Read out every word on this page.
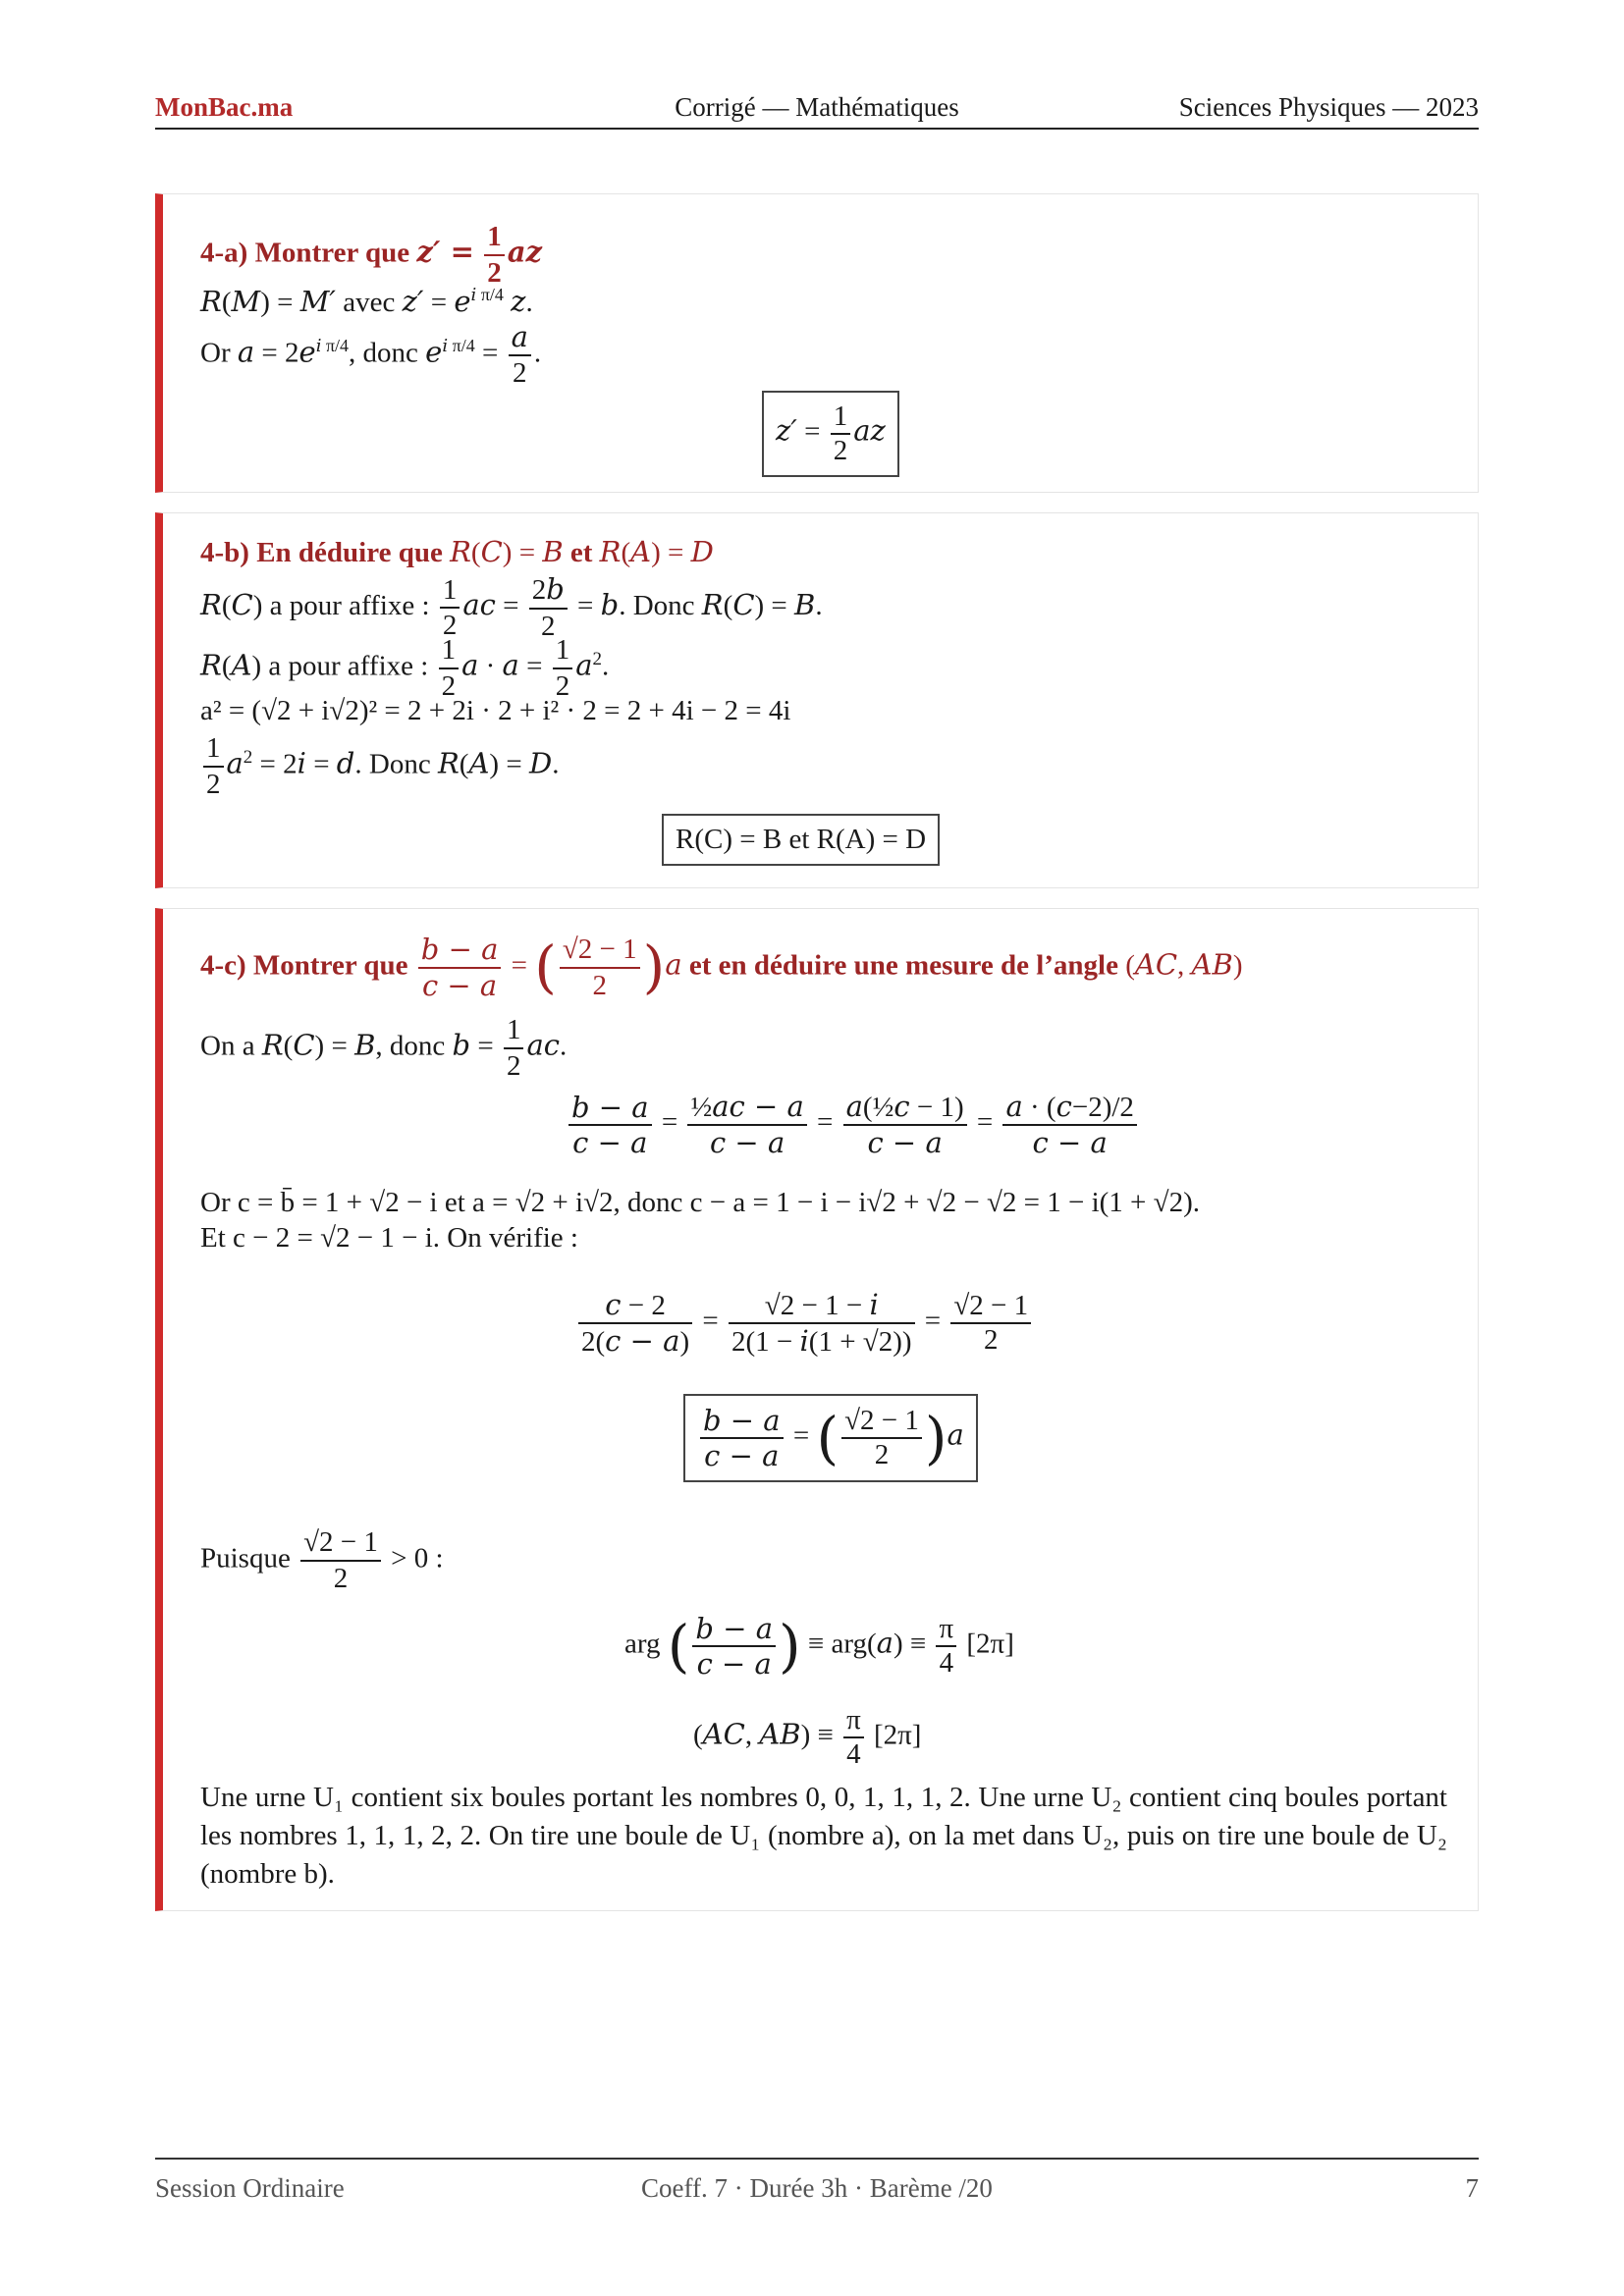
MonBac.ma	Corrigé — Mathématiques	Sciences Physiques — 2023
4-a) Montrer que $z' = \frac{1}{2}$ az
R(M) = M′ avec $z' = e^{i \pi/4}$ z.
Or $a = 2e^{i \pi/4}$, donc $e^{i \pi/4} = \frac{a}{2}$ .
$z' = \frac{1}{2}$ az
4-b) En déduire que R(C) = B et R(A) = D
R(C) a pour affixe : $\frac{1}{2}$ ac = $\frac{2b}{2} = b$. Donc R(C) = B.
R(A) a pour affixe : $\frac{1}{2}$ $a \cdot a = \frac{1}{2} a^2$.
a² = (√2 + i√2)² = 2 + 2i · 2 + i² · 2 = 2 + 4i − 2 = 4i
$\frac{1}{2} a^2 = 2i = d$. Donc R(A) = D.
R(C) = B et R(A) = D
4-c) Montrer que $\frac{b - a}{c - a}$ = ( $\frac{√2 - 1}{2} )a$ et en déduire une mesure de l’angle (AC, AB)
On a R(C) = B, donc $b = \frac{1}{2}$ ac.
$\frac{b - a}{c - a} = \frac{\text{½ac − a}}{c - a} = \frac{\text{a(½c − 1)}}{c - a} = \frac{a \cdot (c-2)/2}{c - a}$
Or c = b̄ = 1 + √2 − i et a = √2 + i√2, donc c − a = 1 − i − i√2 + √2 − √2 = 1 − i(1 + √2).
Et c − 2 = √2 − 1 − i. On vérifie :
$\frac{c - 2}{2(c - a)} = \frac{√2 - 1 - i}{2(1 - i(1 + √2))} = \frac{√2 - 1}{2}$
$\frac{b - a}{c - a}$ = ( $\frac{√2 - 1}{2} )a$
Puisque $\frac{√2 - 1}{2} > 0$ :
arg ( $\frac{b - a}{c - a}$ ) ≡ $arg(a) \equiv \frac{\pi}{4} [2\pi]$
(AC, $AB) \equiv \frac{\pi}{4} [2\pi]$
Une urne U₁ contient six boules portant les nombres 0, 0, 1, 1, 1, 2. Une urne U₂ contient cinq boules portant les nombres 1, 1, 1, 2, 2. On tire une boule de U₁ (nombre a), on la met dans U₂, puis on tire une boule de U₂ (nombre b).
Session Ordinaire	Coeff. 7 · Durée 3h · Barème /20	7
